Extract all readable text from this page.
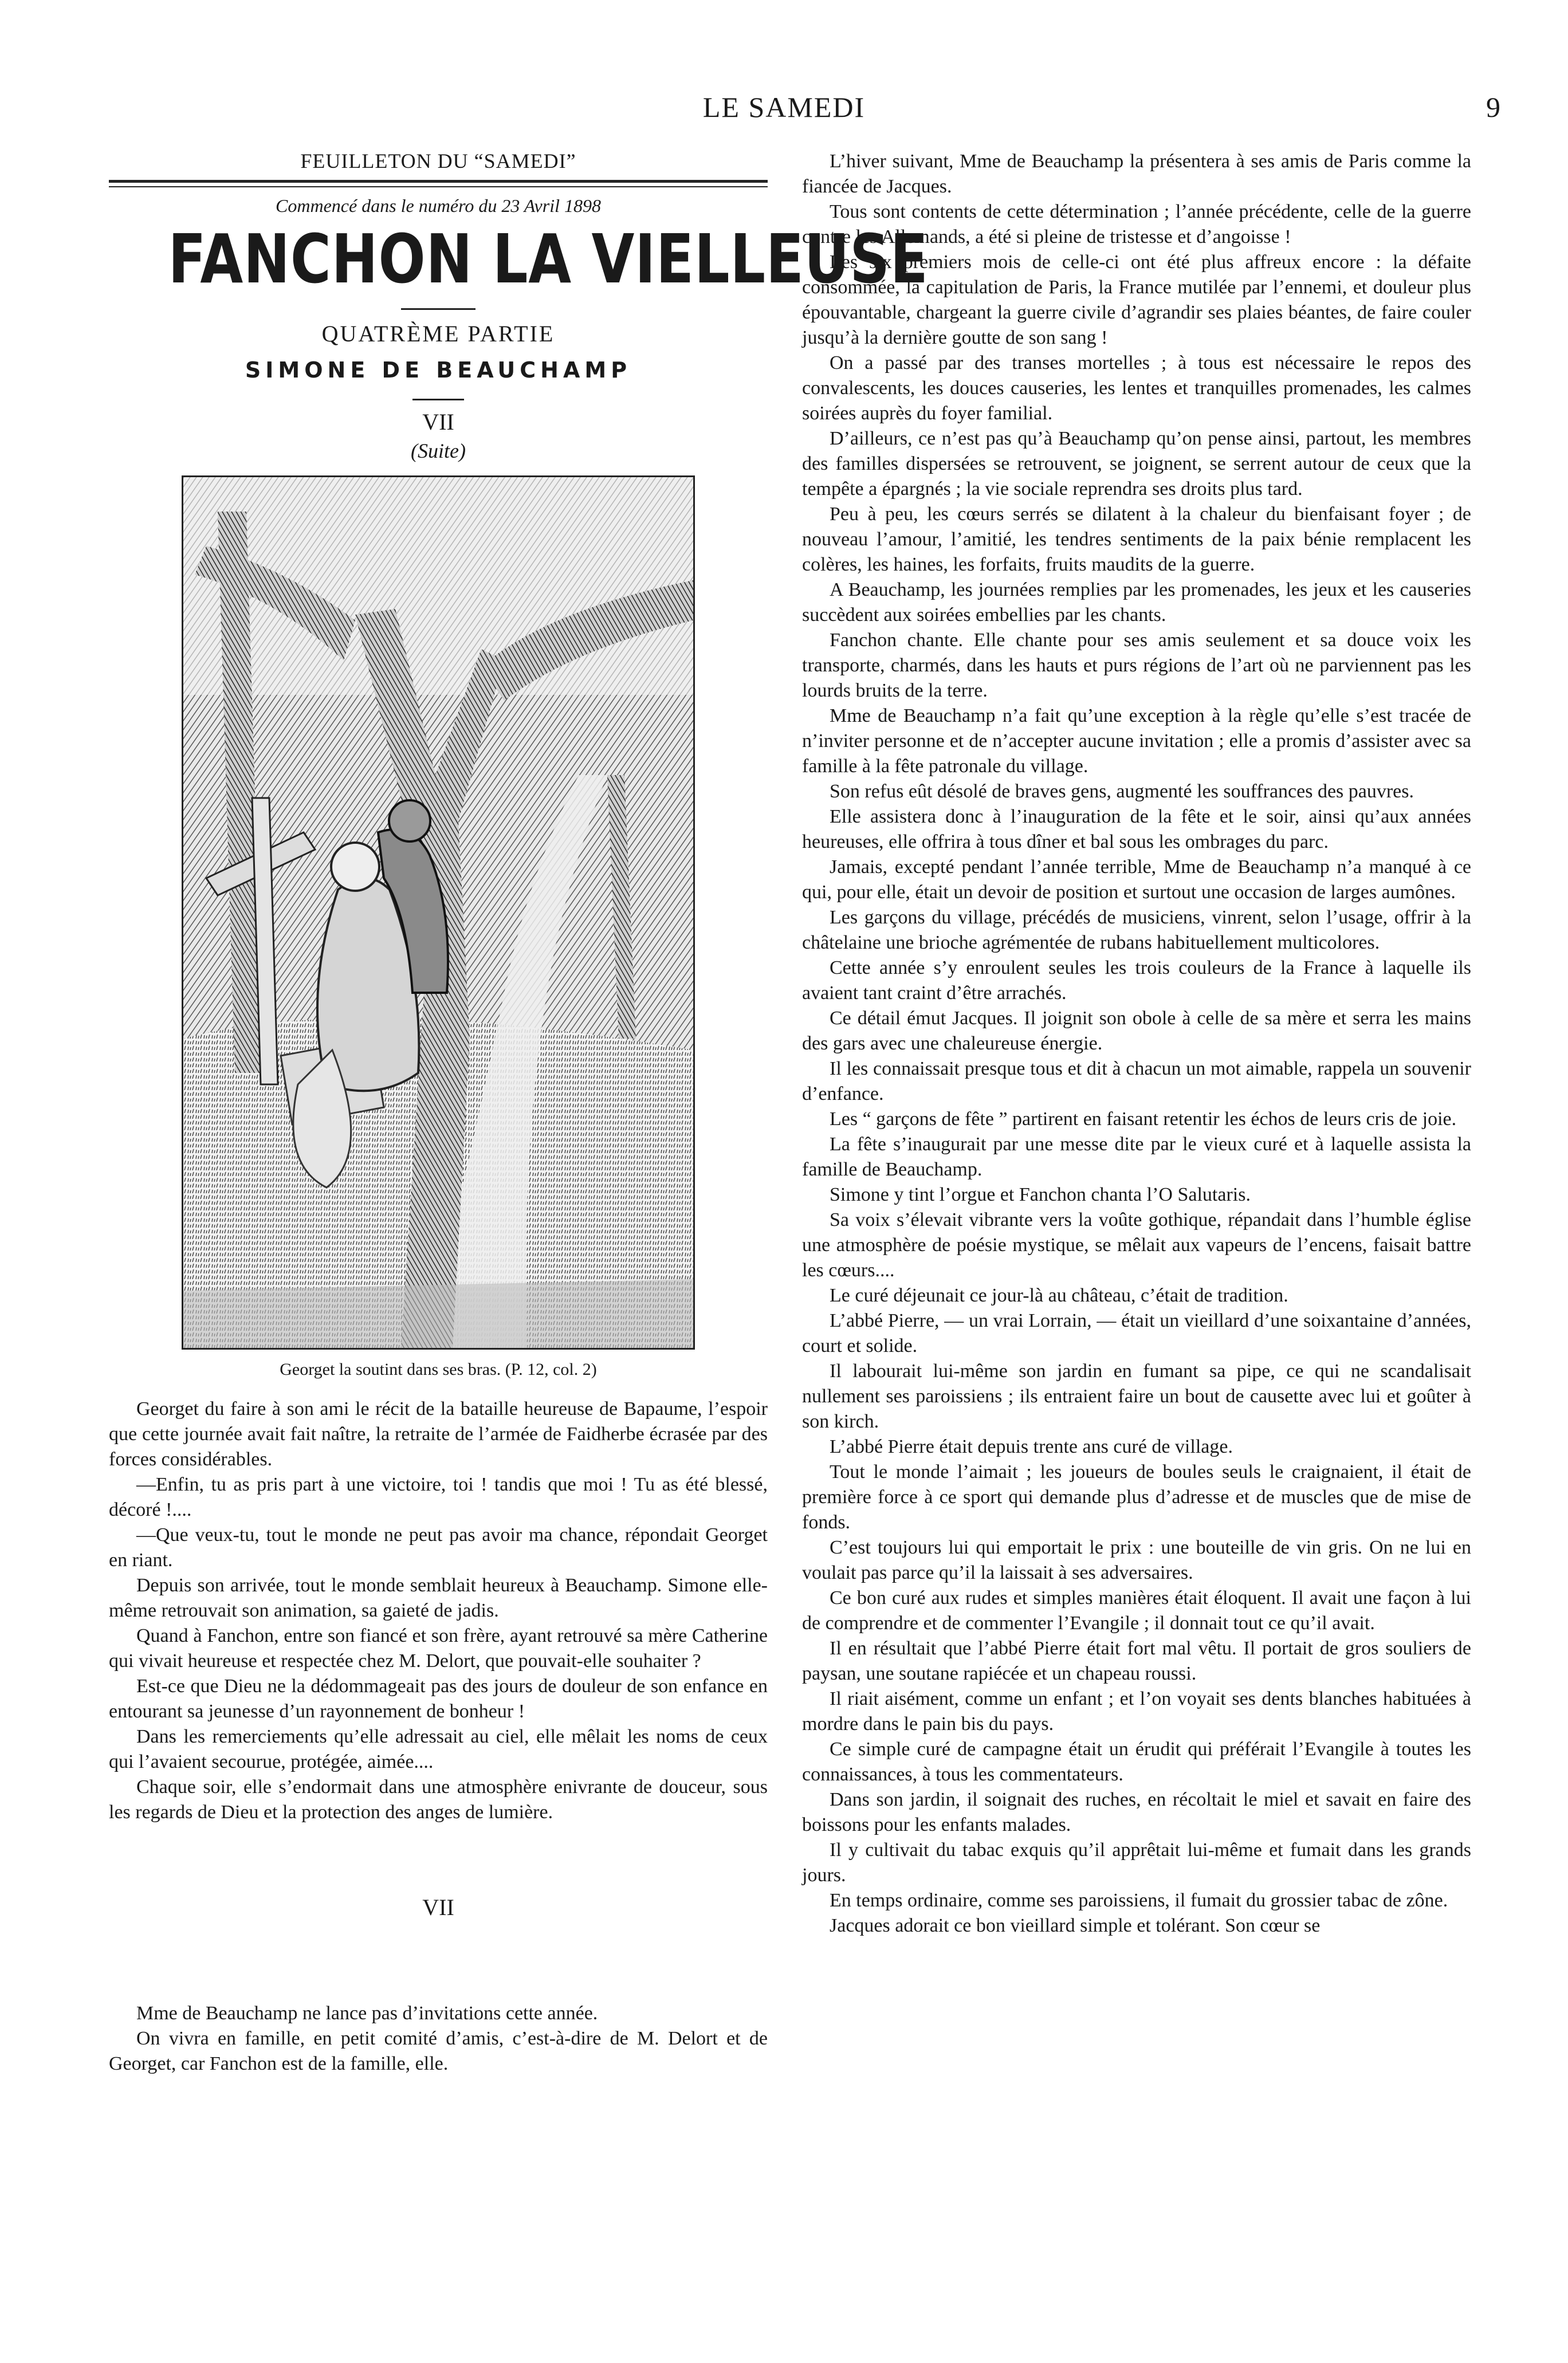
LE SAMEDI	9
FEUILLETON DU “SAMEDI”
Commencé dans le numéro du 23 Avril 1898
FANCHON LA VIELLEUSE
QUATRÈME PARTIE
SIMONE DE BEAUCHAMP
VII
(Suite)
Georget la soutint dans ses bras. (P. 12, col. 2)

Georget du faire à son ami le récit de la bataille heureuse de Bapaume, l’espoir que cette journée avait fait naître, la retraite de l’armée de Faidherbe écrasée par des forces considérables.

—Enfin, tu as pris part à une victoire, toi ! tandis que moi ! Tu as été blessé, décoré !....

—Que veux-tu, tout le monde ne peut pas avoir ma chance, répondait Georget en riant.

Depuis son arrivée, tout le monde semblait heureux à Beauchamp. Simone elle-même retrouvait son animation, sa gaieté de jadis.

Quand à Fanchon, entre son fiancé et son frère, ayant retrouvé sa mère Catherine qui vivait heureuse et respectée chez M. Delort, que pouvait-elle souhaiter ?

Est-ce que Dieu ne la dédommageait pas des jours de douleur de son enfance en entourant sa jeunesse d’un rayonnement de bonheur !

Dans les remerciements qu’elle adressait au ciel, elle mêlait les noms de ceux qui l’avaient secourue, protégée, aimée....

Chaque soir, elle s’endormait dans une atmosphère enivrante de douceur, sous les regards de Dieu et la protection des anges de lumière.

VII

Mme de Beauchamp ne lance pas d’invitations cette année.

On vivra en famille, en petit comité d’amis, c’est-à-dire de M. Delort et de Georget, car Fanchon est de la famille, elle.

L’hiver suivant, Mme de Beauchamp la présentera à ses amis de Paris comme la fiancée de Jacques.

Tous sont contents de cette détermination ; l’année précédente, celle de la guerre contre les Allemands, a été si pleine de tristesse et d’angoisse !

Les six premiers mois de celle-ci ont été plus affreux encore : la défaite consommée, la capitulation de Paris, la France mutilée par l’ennemi, et douleur plus épouvantable, chargeant la guerre civile d’agrandir ses plaies béantes, de faire couler jusqu’à la dernière goutte de son sang !

On a passé par des transes mortelles ; à tous est nécessaire le repos des convalescents, les douces causeries, les lentes et tranquilles promenades, les calmes soirées auprès du foyer familial.

D’ailleurs, ce n’est pas qu’à Beauchamp qu’on pense ainsi, partout, les membres des familles dispersées se retrouvent, se joignent, se serrent autour de ceux que la tempête a épargnés ; la vie sociale reprendra ses droits plus tard.

Peu à peu, les cœurs serrés se dilatent à la chaleur du bienfaisant foyer ; de nouveau l’amour, l’amitié, les tendres sentiments de la paix bénie remplacent les colères, les haines, les forfaits, fruits maudits de la guerre.

A Beauchamp, les journées remplies par les promenades, les jeux et les causeries succèdent aux soirées embellies par les chants.

Fanchon chante. Elle chante pour ses amis seulement et sa douce voix les transporte, charmés, dans les hauts et purs régions de l’art où ne parviennent pas les lourds bruits de la terre.

Mme de Beauchamp n’a fait qu’une exception à la règle qu’elle s’est tracée de n’inviter personne et de n’accepter aucune invitation ; elle a promis d’assister avec sa famille à la fête patronale du village.

Son refus eût désolé de braves gens, augmenté les souffrances des pauvres.

Elle assistera donc à l’inauguration de la fête et le soir, ainsi qu’aux années heureuses, elle offrira à tous dîner et bal sous les ombrages du parc.

Jamais, excepté pendant l’année terrible, Mme de Beauchamp n’a manqué à ce qui, pour elle, était un devoir de position et surtout une occasion de larges aumônes.

Les garçons du village, précédés de musiciens, vinrent, selon l’usage, offrir à la châtelaine une brioche agrémentée de rubans habituellement multicolores.

Cette année s’y enroulent seules les trois couleurs de la France à laquelle ils avaient tant craint d’être arrachés.

Ce détail émut Jacques. Il joignit son obole à celle de sa mère et serra les mains des gars avec une chaleureuse énergie.

Il les connaissait presque tous et dit à chacun un mot aimable, rappela un souvenir d’enfance.

Les “ garçons de fête ” partirent en faisant retentir les échos de leurs cris de joie.

La fête s’inaugurait par une messe dite par le vieux curé et à laquelle assista la famille de Beauchamp.

Simone y tint l’orgue et Fanchon chanta l’O Salutaris.

Sa voix s’élevait vibrante vers la voûte gothique, répandait dans l’humble église une atmosphère de poésie mystique, se mêlait aux vapeurs de l’encens, faisait battre les cœurs....

Le curé déjeunait ce jour-là au château, c’était de tradition.

L’abbé Pierre, — un vrai Lorrain, — était un vieillard d’une soixantaine d’années, court et solide.

Il labourait lui-même son jardin en fumant sa pipe, ce qui ne scandalisait nullement ses paroissiens ; ils entraient faire un bout de causette avec lui et goûter à son kirch.

L’abbé Pierre était depuis trente ans curé de village.

Tout le monde l’aimait ; les joueurs de boules seuls le craignaient, il était de première force à ce sport qui demande plus d’adresse et de muscles que de mise de fonds.

C’est toujours lui qui emportait le prix : une bouteille de vin gris. On ne lui en voulait pas parce qu’il la laissait à ses adversaires.

Ce bon curé aux rudes et simples manières était éloquent. Il avait une façon à lui de comprendre et de commenter l’Evangile ; il donnait tout ce qu’il avait.

Il en résultait que l’abbé Pierre était fort mal vêtu. Il portait de gros souliers de paysan, une soutane rapiécée et un chapeau roussi.

Il riait aisément, comme un enfant ; et l’on voyait ses dents blanches habituées à mordre dans le pain bis du pays.

Ce simple curé de campagne était un érudit qui préférait l’Evangile à toutes les connaissances, à tous les commentateurs.

Dans son jardin, il soignait des ruches, en récoltait le miel et savait en faire des boissons pour les enfants malades.

Il y cultivait du tabac exquis qu’il apprêtait lui-même et fumait dans les grands jours.

En temps ordinaire, comme ses paroissiens, il fumait du grossier tabac de zône.

Jacques adorait ce bon vieillard simple et tolérant. Son cœur se
